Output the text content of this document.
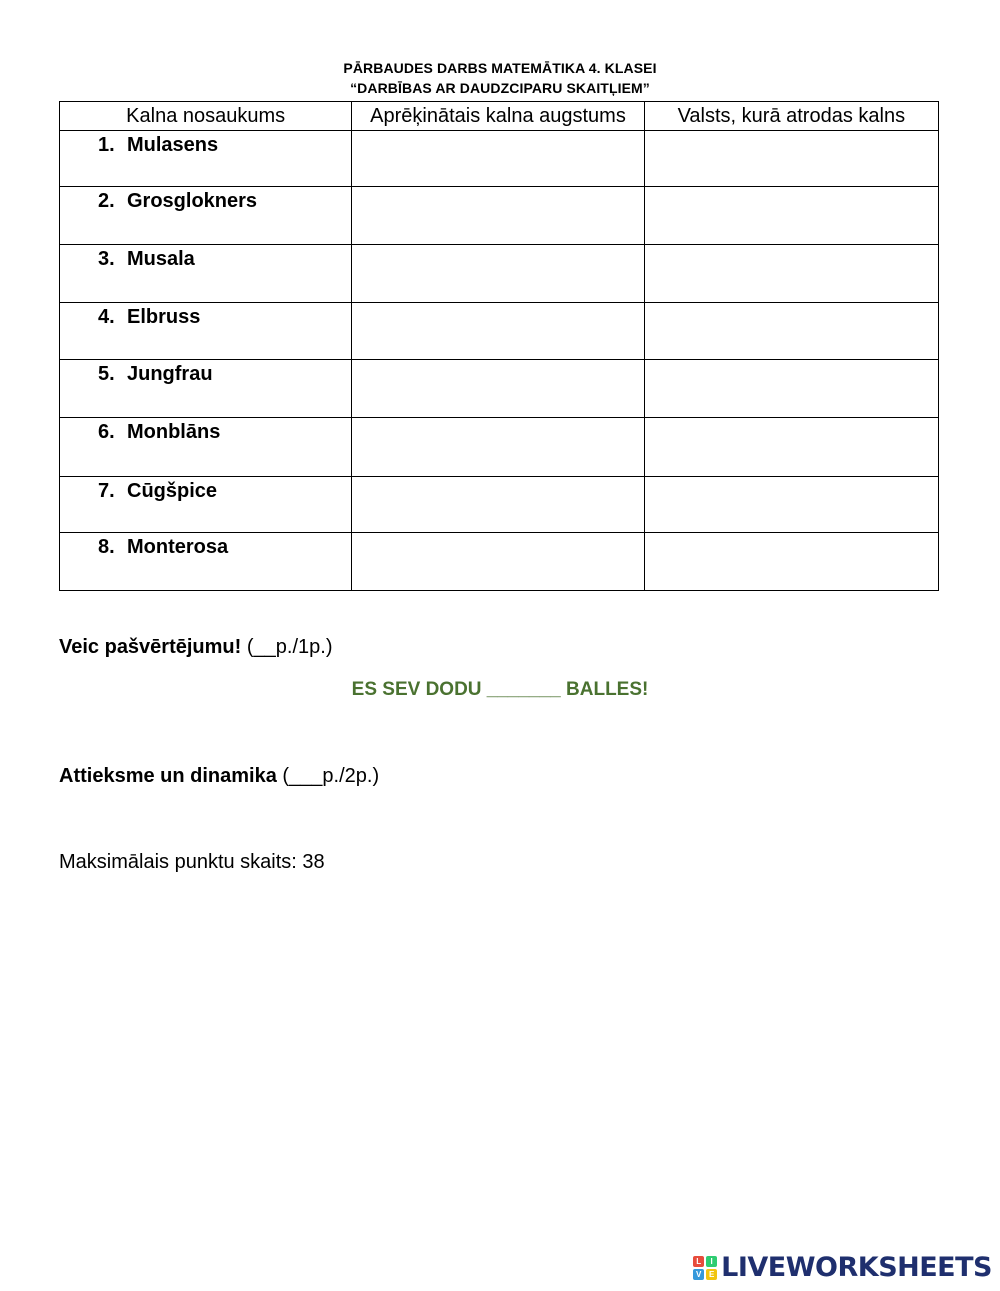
PĀRBAUDES DARBS MATEMĀTIKA 4. KLASEI
“DARBĪBAS AR DAUDZCIPARU SKAITĻIEM”
Kalna nosaukums	Aprēķinātais kalna augstums	Valsts, kurā atrodas kalns

1. Mulasens		

2. Grosglokners		

3. Musala		

4. Elbruss		

5. Jungfrau		

6. Monblāns		

7. Cūgšpice		

8. Monterosa		

Veic pašvērtējumu! (__p./1p.)
ES SEV DODU _______ BALLES!
Attieksme un dinamika (___p./2p.)
Maksimālais punktu skaits: 38
L	I
V E LIVEWORKSHEETS
